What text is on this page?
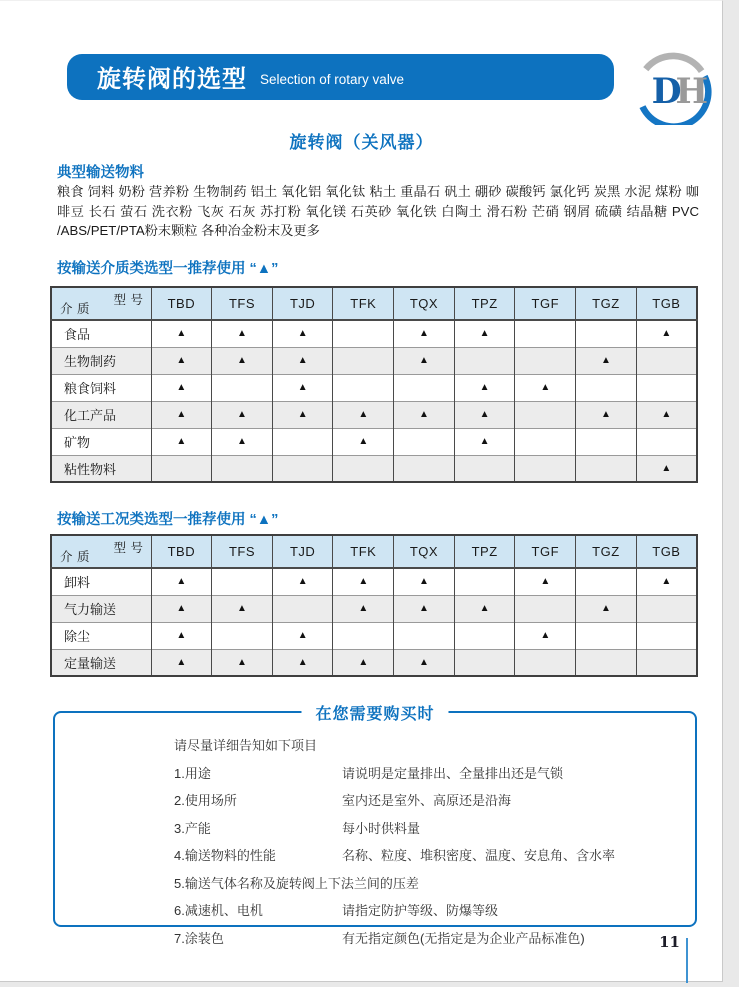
旋转阀的选型 Selection of rotary valve	D
H
旋转阀（关风器）
典型输送物料
粮食 饲料 奶粉 营养粉 生物制药 铝土 氧化铝 氧化钛 粘土 重晶石 矾土 硼砂 碳酸钙 氯化钙 炭黑 水泥 煤粉 咖啡豆 长石 萤石 洗衣粉 飞灰 石灰 苏打粉 氧化镁 石英砂 氧化铁 白陶土 滑石粉 芒硝 钢屑 硫磺 结晶糖 PVC /ABS/PET/PTA粉末颗粒 各种冶金粉末及更多
按输送介质类选型一推荐使用 “▲”
型 号
介 质	TBD	TFS	TJD	TFK	TQX	TPZ	TGF	TGZ	TGB
食品	▲	▲	▲		▲	▲			▲
生物制药	▲	▲	▲		▲			▲	
粮食饲料	▲		▲			▲	▲		
化工产品	▲	▲	▲	▲	▲	▲		▲	▲
矿物	▲	▲		▲		▲			
粘性物料									▲
按输送工况类选型一推荐使用 “▲”
型 号
介 质	TBD	TFS	TJD	TFK	TQX	TPZ	TGF	TGZ	TGB
卸料	▲		▲	▲	▲		▲		▲
气力输送	▲	▲		▲	▲	▲		▲	
除尘	▲		▲				▲		
定量输送	▲	▲	▲	▲	▲				
在您需要购买时
请尽量详细告知如下项目
1.用途	请说明是定量排出、全量排出还是气锁
2.使用场所	室内还是室外、高原还是沿海
3.产能	每小时供料量
4.输送物料的性能	名称、粒度、堆积密度、温度、安息角、含水率
5.输送气体名称及旋转阀上下法兰间的压差
6.减速机、电机	请指定防护等级、防爆等级
7.涂装色	有无指定颜色(无指定是为企业产品标准色)	11
